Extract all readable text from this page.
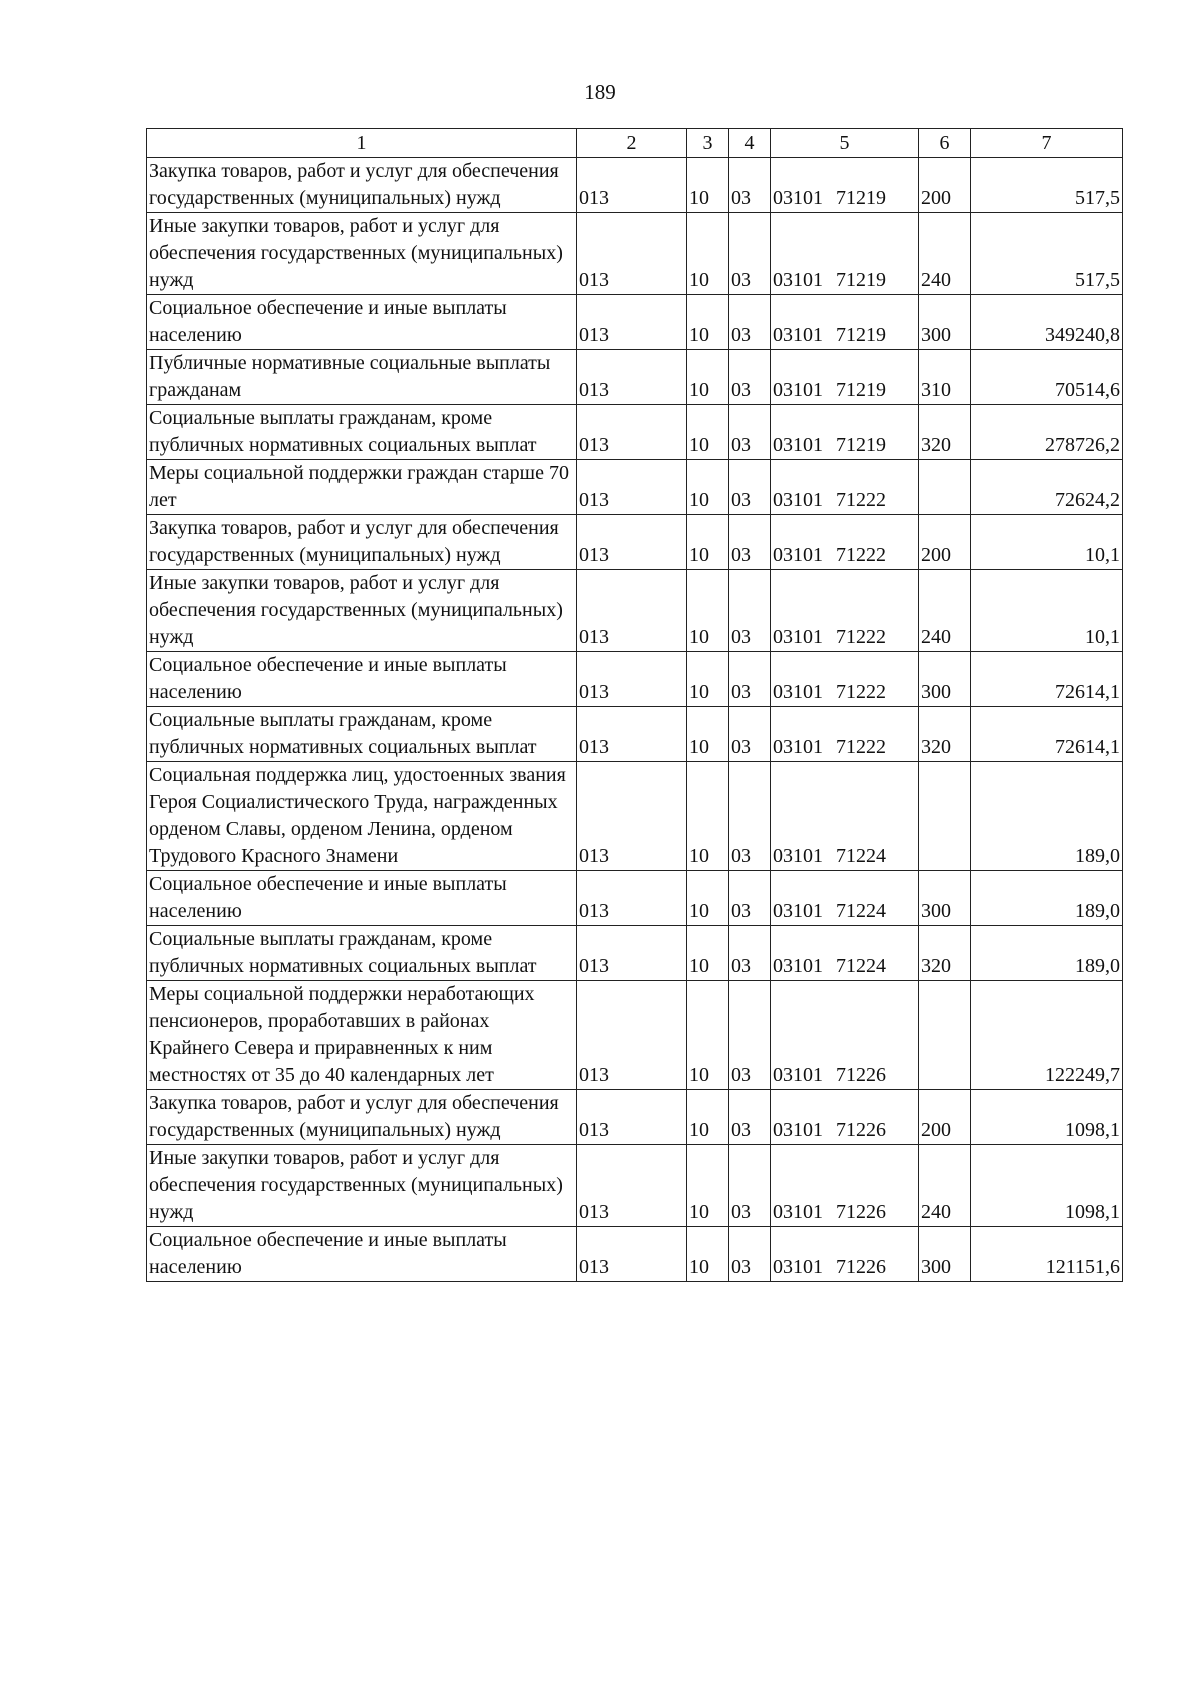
189
1	2	3	4	5	6	7
Закупка товаров, работ и услуг для обеспечения государственных (муниципальных) нужд	013	10	03	03101 71219	200	517,5
Иные закупки товаров, работ и услуг для обеспечения государственных (муниципальных) нужд	013	10	03	03101 71219	240	517,5
Социальное обеспечение и иные выплаты населению	013	10	03	03101 71219	300	349240,8
Публичные нормативные социальные выплаты гражданам	013	10	03	03101 71219	310	70514,6
Социальные выплаты гражданам, кроме публичных нормативных социальных выплат	013	10	03	03101 71219	320	278726,2
Меры социальной поддержки граждан старше 70 лет	013	10	03	03101 71222		72624,2
Закупка товаров, работ и услуг для обеспечения государственных (муниципальных) нужд	013	10	03	03101 71222	200	10,1
Иные закупки товаров, работ и услуг для обеспечения государственных (муниципальных) нужд	013	10	03	03101 71222	240	10,1
Социальное обеспечение и иные выплаты населению	013	10	03	03101 71222	300	72614,1
Социальные выплаты гражданам, кроме публичных нормативных социальных выплат	013	10	03	03101 71222	320	72614,1
Социальная поддержка лиц, удостоенных звания Героя Социалистического Труда, награжденных орденом Славы, орденом Ленина, орденом Трудового Красного Знамени	013	10	03	03101 71224		189,0
Социальное обеспечение и иные выплаты населению	013	10	03	03101 71224	300	189,0
Социальные выплаты гражданам, кроме публичных нормативных социальных выплат	013	10	03	03101 71224	320	189,0
Меры социальной поддержки неработающих пенсионеров, проработавших в районах Крайнего Севера и приравненных к ним местностях от 35 до 40 календарных лет	013	10	03	03101 71226		122249,7
Закупка товаров, работ и услуг для обеспечения государственных (муниципальных) нужд	013	10	03	03101 71226	200	1098,1
Иные закупки товаров, работ и услуг для обеспечения государственных (муниципальных) нужд	013	10	03	03101 71226	240	1098,1
Социальное обеспечение и иные выплаты населению	013	10	03	03101 71226	300	121151,6
